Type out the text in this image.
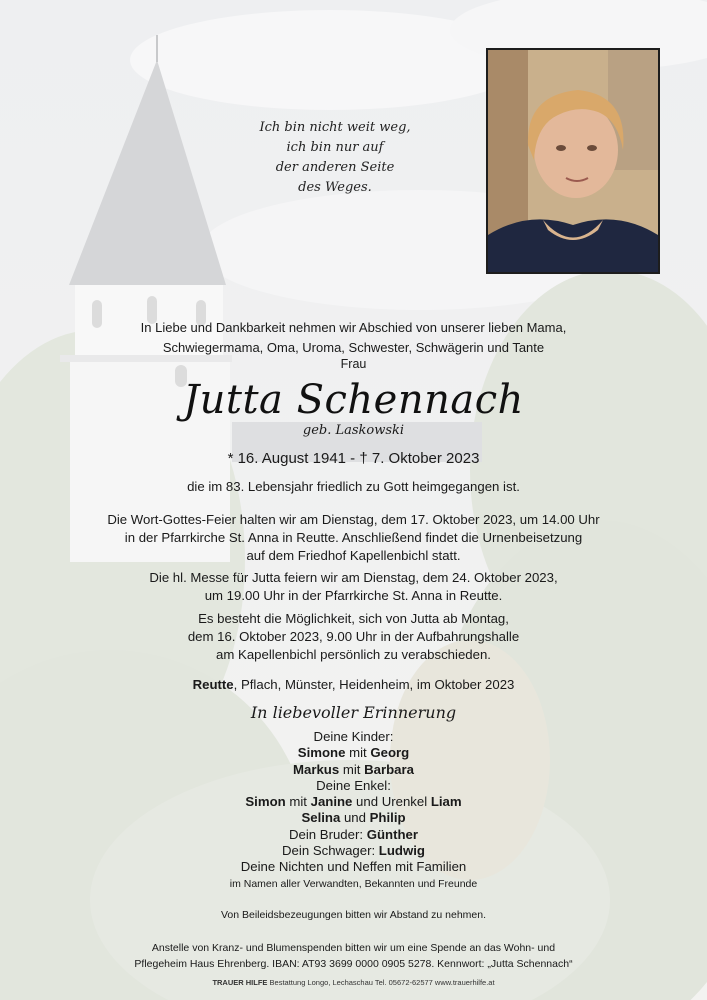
Ich bin nicht weit weg,
ich bin nur auf
der anderen Seite
des Weges.
In Liebe und Dankbarkeit nehmen wir Abschied von unserer lieben Mama,
Schwiegermama, Oma, Uroma, Schwester, Schwägerin und Tante
Frau
Jutta Schennach
geb. Laskowski
* 16. August 1941 - † 7. Oktober 2023
die im 83. Lebensjahr friedlich zu Gott heimgegangen ist.
Die Wort-Gottes-Feier halten wir am Dienstag, dem 17. Oktober 2023, um 14.00 Uhr
in der Pfarrkirche St. Anna in Reutte. Anschließend findet die Urnenbeisetzung
auf dem Friedhof Kapellenbichl statt.
Die hl. Messe für Jutta feiern wir am Dienstag, dem 24. Oktober 2023,
um 19.00 Uhr in der Pfarrkirche St. Anna in Reutte.
Es besteht die Möglichkeit, sich von Jutta ab Montag,
dem 16. Oktober 2023, 9.00 Uhr in der Aufbahrungshalle
am Kapellenbichl persönlich zu verabschieden.
Reutte, Pflach, Münster, Heidenheim, im Oktober 2023
In liebevoller Erinnerung
Deine Kinder:
Simone mit Georg
Markus mit Barbara
Deine Enkel:
Simon mit Janine und Urenkel Liam
Selina und Philip
Dein Bruder: Günther
Dein Schwager: Ludwig
Deine Nichten und Neffen mit Familien
im Namen aller Verwandten, Bekannten und Freunde
Von Beileidsbezeugungen bitten wir Abstand zu nehmen.
Anstelle von Kranz- und Blumenspenden bitten wir um eine Spende an das Wohn- und
Pflegeheim Haus Ehrenberg. IBAN: AT93 3699 0000 0905 5278. Kennwort: „Jutta Schennach“
TRAUER HILFE Bestattung Longo, Lechaschau Tel. 05672-62577 www.trauerhilfe.at
